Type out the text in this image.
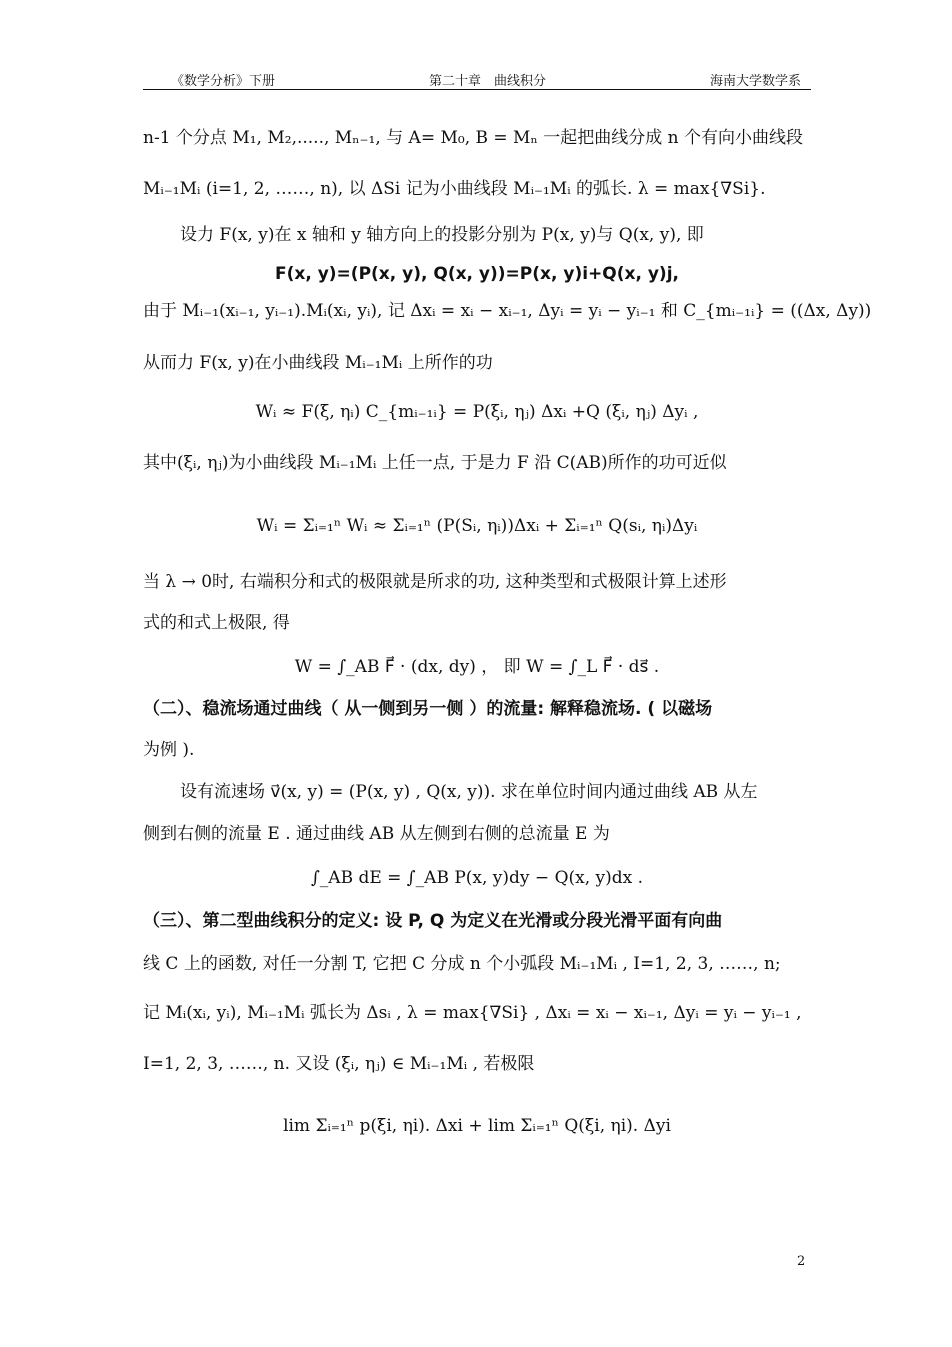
《数学分析》下册	第二十章　曲线积分	海南大学数学系
n-1 个分点 M₁, M₂,....., Mₙ₋₁, 与 A= M₀, B = Mₙ 一起把曲线分成 n 个有向小曲线段
Mᵢ₋₁Mᵢ (i=1, 2, ……, n), 以 ΔSi 记为小曲线段 Mᵢ₋₁Mᵢ 的弧长. λ = max{∇Si}.
设力 F(x, y)在 x 轴和 y 轴方向上的投影分别为 P(x, y)与 Q(x, y), 即
F(x, y)=(P(x, y), Q(x, y))=P(x, y)i+Q(x, y)j,
由于 Mᵢ₋₁(xᵢ₋₁, yᵢ₋₁).Mᵢ(xᵢ, yᵢ), 记 Δxᵢ = xᵢ − xᵢ₋₁, Δyᵢ = yᵢ − yᵢ₋₁ 和 C_{mᵢ₋₁ᵢ} = ((Δx, Δy))
从而力 F(x, y)在小曲线段 Mᵢ₋₁Mᵢ 上所作的功
Wᵢ ≈ F(ξ, ηᵢ) C_{mᵢ₋₁ᵢ} = P(ξᵢ, ηⱼ) Δxᵢ +Q (ξᵢ, ηⱼ) Δyᵢ ,
其中(ξᵢ, ηⱼ)为小曲线段 Mᵢ₋₁Mᵢ 上任一点, 于是力 F 沿 C(AB)所作的功可近似
Wᵢ = Σᵢ₌₁ⁿ Wᵢ ≈ Σᵢ₌₁ⁿ (P(Sᵢ, ηᵢ))Δxᵢ + Σᵢ₌₁ⁿ Q(sᵢ, ηᵢ)Δyᵢ
当 λ → 0时, 右端积分和式的极限就是所求的功, 这种类型和式极限计算上述形
式的和式上极限, 得
W = ∫_AB F⃗ · (dx, dy) ， 即 W = ∫_L F⃗ · ds⃗ .
（二）、稳流场通过曲线（ 从一侧到另一侧 ）的流量: 解释稳流场. ( 以磁场
为例 ).
设有流速场 v⃗(x, y) = (P(x, y) , Q(x, y)). 求在单位时间内通过曲线 AB 从左
侧到右侧的流量 E . 通过曲线 AB 从左侧到右侧的总流量 E 为
∫_AB dE = ∫_AB P(x, y)dy − Q(x, y)dx .
（三）、第二型曲线积分的定义: 设 P, Q 为定义在光滑或分段光滑平面有向曲
线 C 上的函数, 对任一分割 T, 它把 C 分成 n 个小弧段 Mᵢ₋₁Mᵢ , I=1, 2, 3, ……, n;
记 Mᵢ(xᵢ, yᵢ), Mᵢ₋₁Mᵢ 弧长为 Δsᵢ , λ = max{∇Si} , Δxᵢ = xᵢ − xᵢ₋₁, Δyᵢ = yᵢ − yᵢ₋₁ ,
I=1, 2, 3, ……, n. 又设 (ξᵢ, ηⱼ) ∈ Mᵢ₋₁Mᵢ , 若极限
lim Σᵢ₌₁ⁿ p(ξi, ηi). Δxi + lim Σᵢ₌₁ⁿ Q(ξi, ηi). Δyi
2
